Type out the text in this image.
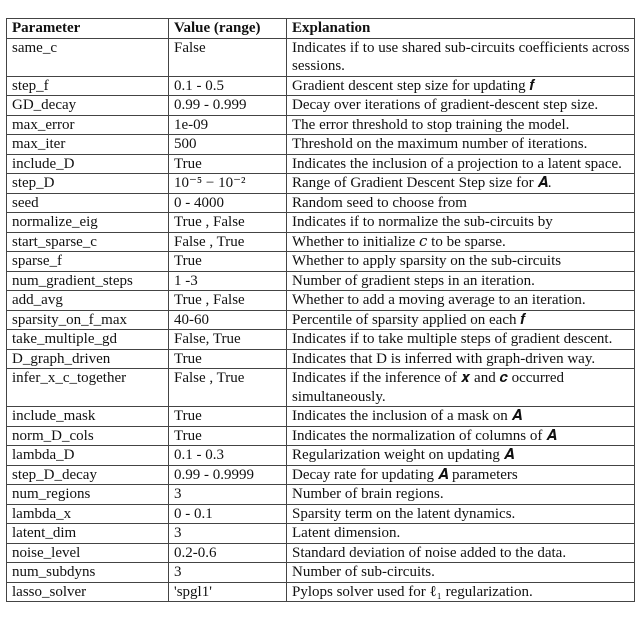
Parameter	Value (range)	Explanation
same_c	False	Indicates if to use shared sub-circuits coefficients across sessions.
step_f	0.1 - 0.5	Gradient descent step size for updating 𝒇
GD_decay	0.99 - 0.999	Decay over iterations of gradient-descent step size.
max_error	1e-09	The error threshold to stop training the model.
max_iter	500	Threshold on the maximum number of iterations.
include_D	True	Indicates the inclusion of a projection to a latent space.
step_D	10⁻⁵ − 10⁻²	Range of Gradient Descent Step size for 𝑨.
seed	0 - 4000	Random seed to choose from
normalize_eig	True , False	Indicates if to normalize the sub-circuits by
start_sparse_c	False , True	Whether to initialize 𝑐 to be sparse.
sparse_f	True	Whether to apply sparsity on the sub-circuits
num_gradient_steps	1 -3	Number of gradient steps in an iteration.
add_avg	True , False	Whether to add a moving average to an iteration.
sparsity_on_f_max	40-60	Percentile of sparsity applied on each 𝒇
take_multiple_gd	False, True	Indicates if to take multiple steps of gradient descent.
D_graph_driven	True	Indicates that D is inferred with graph-driven way.
infer_x_c_together	False , True	Indicates if the inference of 𝒙 and 𝒄 occurred simultaneously.
include_mask	True	Indicates the inclusion of a mask on 𝑨
norm_D_cols	True	Indicates the normalization of columns of 𝑨
lambda_D	0.1 - 0.3	Regularization weight on updating 𝑨
step_D_decay	0.99 - 0.9999	Decay rate for updating 𝑨 parameters
num_regions	3	Number of brain regions.
lambda_x	0 - 0.1	Sparsity term on the latent dynamics.
latent_dim	3	Latent dimension.
noise_level	0.2-0.6	Standard deviation of noise added to the data.
num_subdyns	3	Number of sub-circuits.
lasso_solver	'spgl1'	Pylops solver used for ℓ₁ regularization.
